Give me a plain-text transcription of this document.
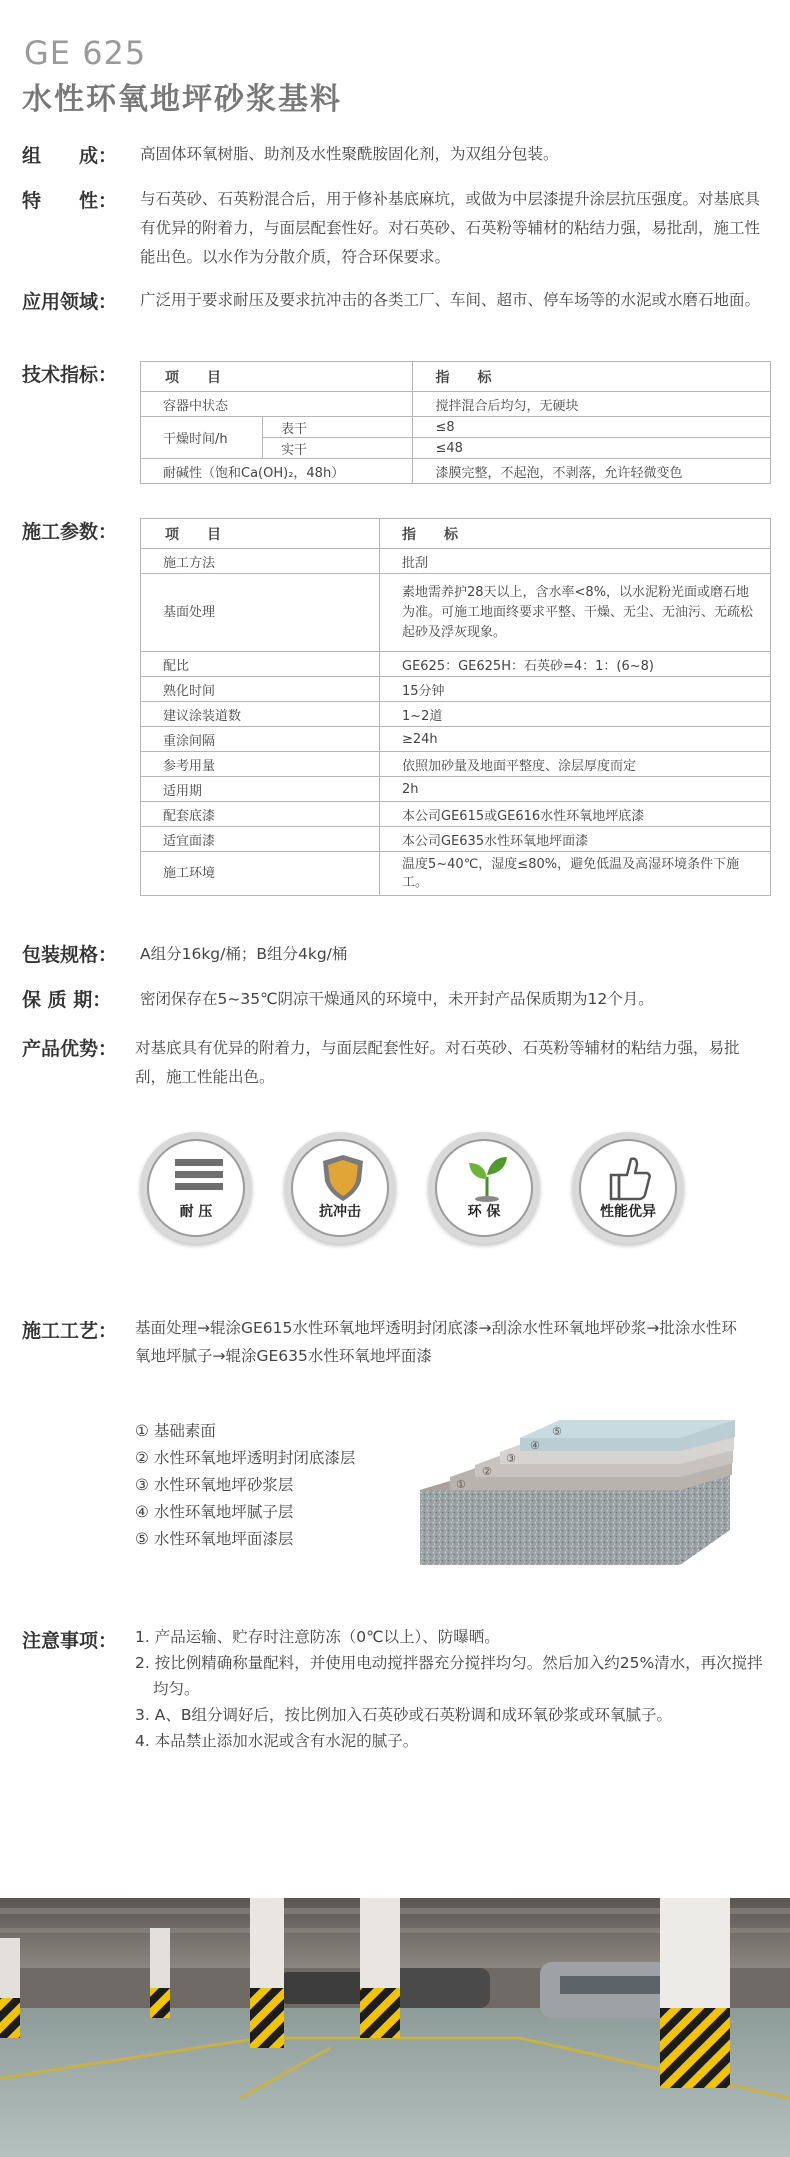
GE 625
水性环氧地坪砂浆基料
组　　成： 高固体环氧树脂、助剂及水性聚酰胺固化剂，为双组分包装。
特　　性： 与石英砂、石英粉混合后，用于修补基底麻坑，或做为中层漆提升涂层抗压强度。对基底具有优异的附着力，与面层配套性好。对石英砂、石英粉等辅材的粘结力强，易批刮，施工性能出色。以水作为分散介质，符合环保要求。
应用领域： 广泛用于要求耐压及要求抗冲击的各类工厂、车间、超市、停车场等的水泥或水磨石地面。
技术指标：	项　　目		指　　标
容器中状态		搅拌混合后均匀，无硬块
干燥时间/h	表干	≤8
	实干	≤48
耐碱性（饱和Ca(OH)₂，48h）		漆膜完整，不起泡，不剥落，允许轻微变色
施工参数：	项　　目	指　　标
施工方法	批刮
基面处理	素地需养护28天以上，含水率<8%，以水泥粉光面或磨石地为准。可施工地面终要求平整、干燥、无尘、无油污、无疏松起砂及浮灰现象。
配比	GE625：GE625H：石英砂=4：1：(6~8)
熟化时间	15分钟
建议涂装道数	1~2道
重涂间隔	≥24h
参考用量	依照加砂量及地面平整度、涂层厚度而定
适用期	2h
配套底漆	本公司GE615或GE616水性环氧地坪底漆
适宜面漆	本公司GE635水性环氧地坪面漆
施工环境	温度5~40℃，湿度≤80%，避免低温及高湿环境条件下施工。
包装规格： A组分16kg/桶；B组分4kg/桶
保 质 期： 密闭保存在5~35℃阴凉干燥通风的环境中，未开封产品保质期为12个月。
产品优势： 对基底具有优异的附着力，与面层配套性好。对石英砂、石英粉等辅材的粘结力强，易批刮，施工性能出色。
耐 压	抗冲击	环 保	性能优异
施工工艺： 基面处理→辊涂GE615水性环氧地坪透明封闭底漆→刮涂水性环氧地坪砂浆→批涂水性环氧地坪腻子→辊涂GE635水性环氧地坪面漆
① 基础素面
② 水性环氧地坪透明封闭底漆层
③ 水性环氧地坪砂浆层
④ 水性环氧地坪腻子层
⑤ 水性环氧地坪面漆层
①
②
③
④
⑤
注意事项： 1. 产品运输、贮存时注意防冻（0℃以上）、防曝晒。
2. 按比例精确称量配料，并使用电动搅拌器充分搅拌均匀。然后加入约25%清水，再次搅拌均匀。
3. A、B组分调好后，按比例加入石英砂或石英粉调和成环氧砂浆或环氧腻子。
4. 本品禁止添加水泥或含有水泥的腻子。
